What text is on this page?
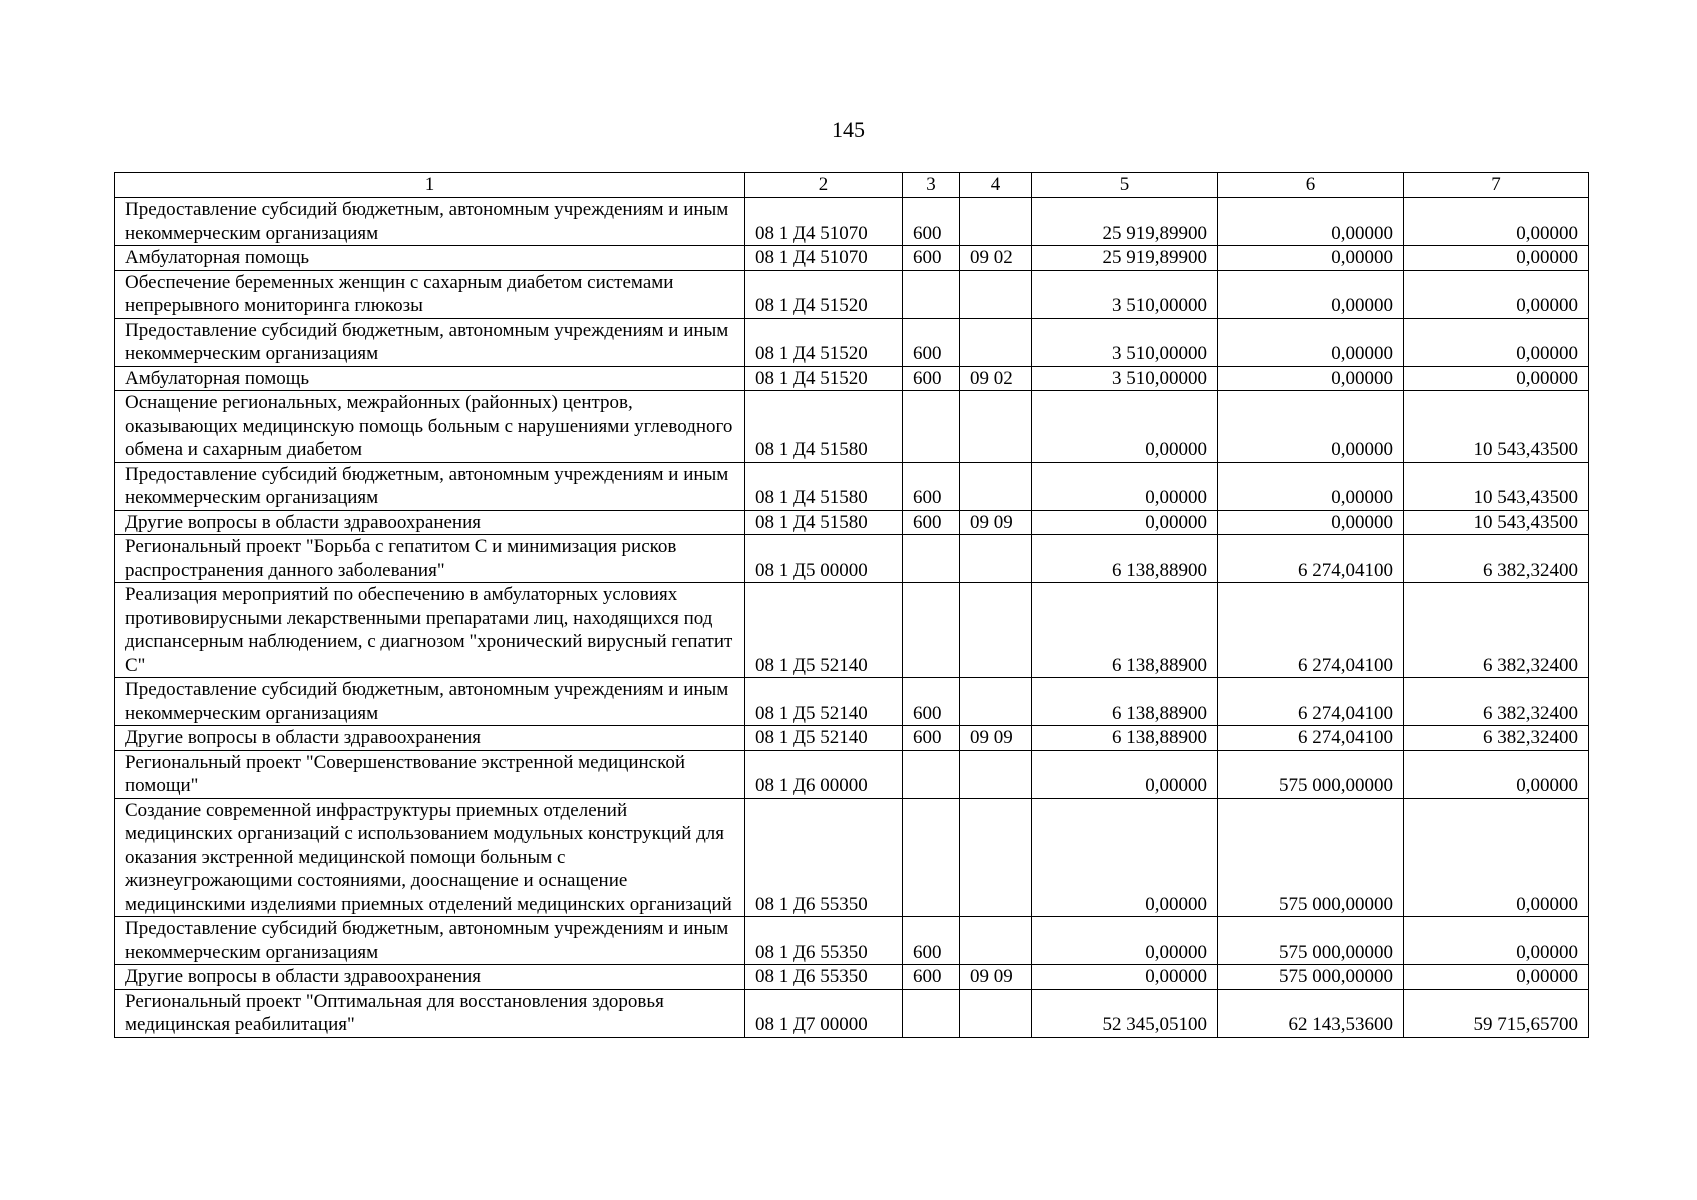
145
1	2	3	4	5	6	7
Предоставление субсидий бюджетным, автономным учреждениям и иным некоммерческим организациям	08 1 Д4 51070	600		25 919,89900	0,00000	0,00000
Амбулаторная помощь	08 1 Д4 51070	600	09 02	25 919,89900	0,00000	0,00000
Обеспечение беременных женщин с сахарным диабетом системами непрерывного мониторинга глюкозы	08 1 Д4 51520			3 510,00000	0,00000	0,00000
Предоставление субсидий бюджетным, автономным учреждениям и иным некоммерческим организациям	08 1 Д4 51520	600		3 510,00000	0,00000	0,00000
Амбулаторная помощь	08 1 Д4 51520	600	09 02	3 510,00000	0,00000	0,00000
Оснащение региональных, межрайонных (районных) центров, оказывающих медицинскую помощь больным с нарушениями углеводного обмена и сахарным диабетом	08 1 Д4 51580			0,00000	0,00000	10 543,43500
Предоставление субсидий бюджетным, автономным учреждениям и иным некоммерческим организациям	08 1 Д4 51580	600		0,00000	0,00000	10 543,43500
Другие вопросы в области здравоохранения	08 1 Д4 51580	600	09 09	0,00000	0,00000	10 543,43500
Региональный проект "Борьба с гепатитом С и минимизация рисков распространения данного заболевания"	08 1 Д5 00000			6 138,88900	6 274,04100	6 382,32400
Реализация мероприятий по обеспечению в амбулаторных условиях противовирусными лекарственными препаратами лиц, находящихся под диспансерным наблюдением, с диагнозом "хронический вирусный гепатит С"	08 1 Д5 52140			6 138,88900	6 274,04100	6 382,32400
Предоставление субсидий бюджетным, автономным учреждениям и иным некоммерческим организациям	08 1 Д5 52140	600		6 138,88900	6 274,04100	6 382,32400
Другие вопросы в области здравоохранения	08 1 Д5 52140	600	09 09	6 138,88900	6 274,04100	6 382,32400
Региональный проект "Совершенствование экстренной медицинской помощи"	08 1 Д6 00000			0,00000	575 000,00000	0,00000
Создание современной инфраструктуры приемных отделений медицинских организаций с использованием модульных конструкций для оказания экстренной медицинской помощи больным с жизнеугрожающими состояниями, дооснащение и оснащение медицинскими изделиями приемных отделений медицинских организаций	08 1 Д6 55350			0,00000	575 000,00000	0,00000
Предоставление субсидий бюджетным, автономным учреждениям и иным некоммерческим организациям	08 1 Д6 55350	600		0,00000	575 000,00000	0,00000
Другие вопросы в области здравоохранения	08 1 Д6 55350	600	09 09	0,00000	575 000,00000	0,00000
Региональный проект "Оптимальная для восстановления здоровья медицинская реабилитация"	08 1 Д7 00000			52 345,05100	62 143,53600	59 715,65700
